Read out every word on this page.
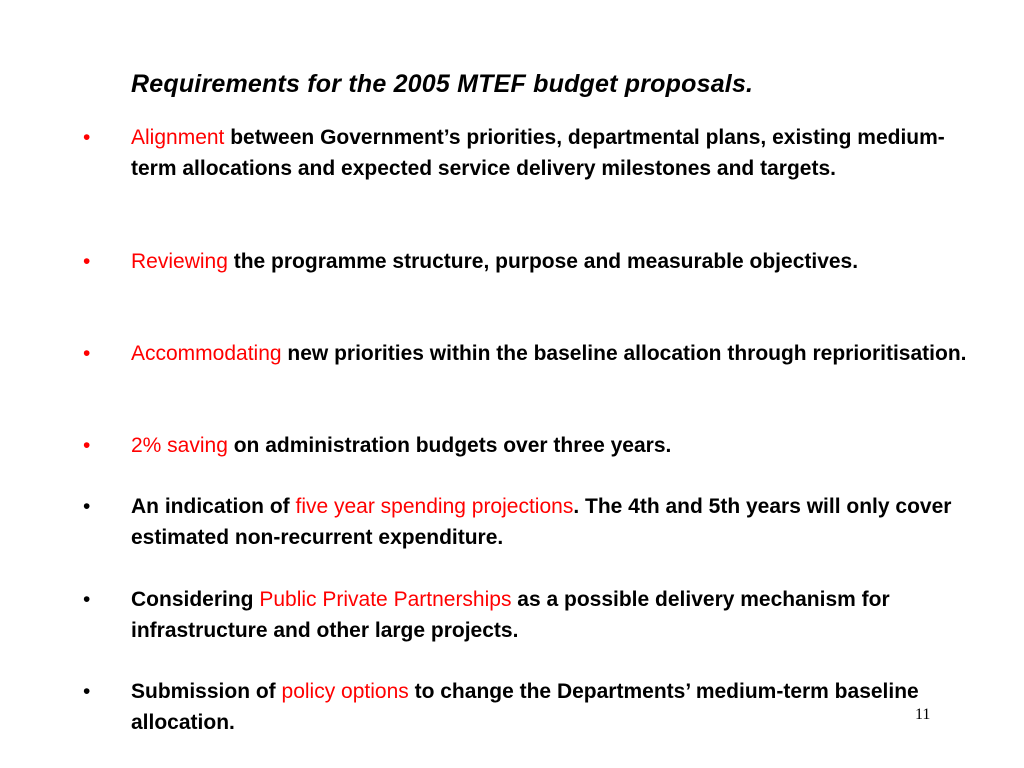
Requirements for the 2005 MTEF budget proposals.
• Alignment between Government’s priorities, departmental plans, existing medium-term allocations and expected service delivery milestones and targets.
• Reviewing the programme structure, purpose and measurable objectives.
• Accommodating new priorities within the baseline allocation through reprioritisation.
• 2% saving on administration budgets over three years.
• An indication of five year spending projections. The 4th and 5th years will only cover estimated non-recurrent expenditure.
• Considering Public Private Partnerships as a possible delivery mechanism for infrastructure and other large projects.
• Submission of policy options to change the Departments’ medium-term baseline allocation.	11
